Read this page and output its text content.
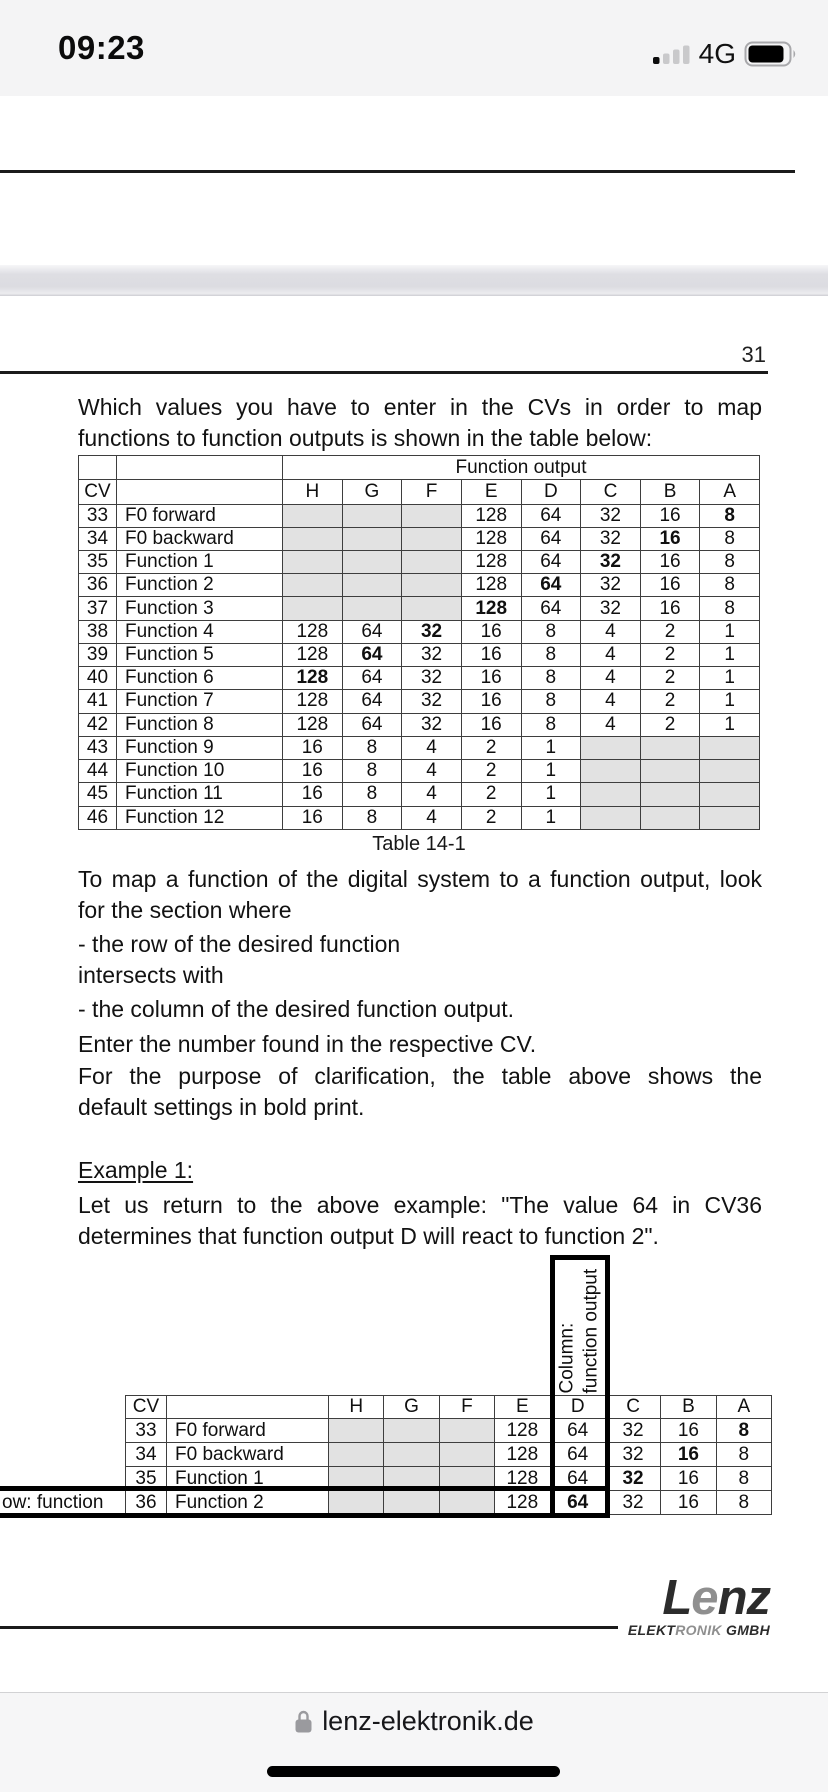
09:23	4G
31
Which values you have to enter in the CVs in order to map
functions to function outputs is shown in the table below:
		Function output							
CV		H	G	F	E	D	C	B	A
33	F0 forward				128	64	32	16	8
34	F0 backward				128	64	32	16	8
35	Function 1				128	64	32	16	8
36	Function 2				128	64	32	16	8
37	Function 3				128	64	32	16	8
38	Function 4	128	64	32	16	8	4	2	1
39	Function 5	128	64	32	16	8	4	2	1
40	Function 6	128	64	32	16	8	4	2	1
41	Function 7	128	64	32	16	8	4	2	1
42	Function 8	128	64	32	16	8	4	2	1
43	Function 9	16	8	4	2	1			
44	Function 10	16	8	4	2	1			
45	Function 11	16	8	4	2	1			
46	Function 12	16	8	4	2	1			
Table 14-1
To map a function of the digital system to a function output, look
for the section where
- the row of the desired function
intersects with
- the column of the desired function output.
Enter the number found in the respective CV.
For the purpose of clarification, the table above shows the
default settings in bold print.
Example 1:
Let us return to the above example: "The value 64 in CV36
determines that function output D will react to function 2".
CV		H	G	F	E	D	C	B	A
33	F0 forward				128	64	32	16	8
34	F0 backward				128	64	32	16	8
35	Function 1				128	64	32	16	8
36	Function 2				128	64	32	16	8
Column: function output
ow: function
Lenz
ELEKTRONIK GMBH
lenz-elektronik.de
